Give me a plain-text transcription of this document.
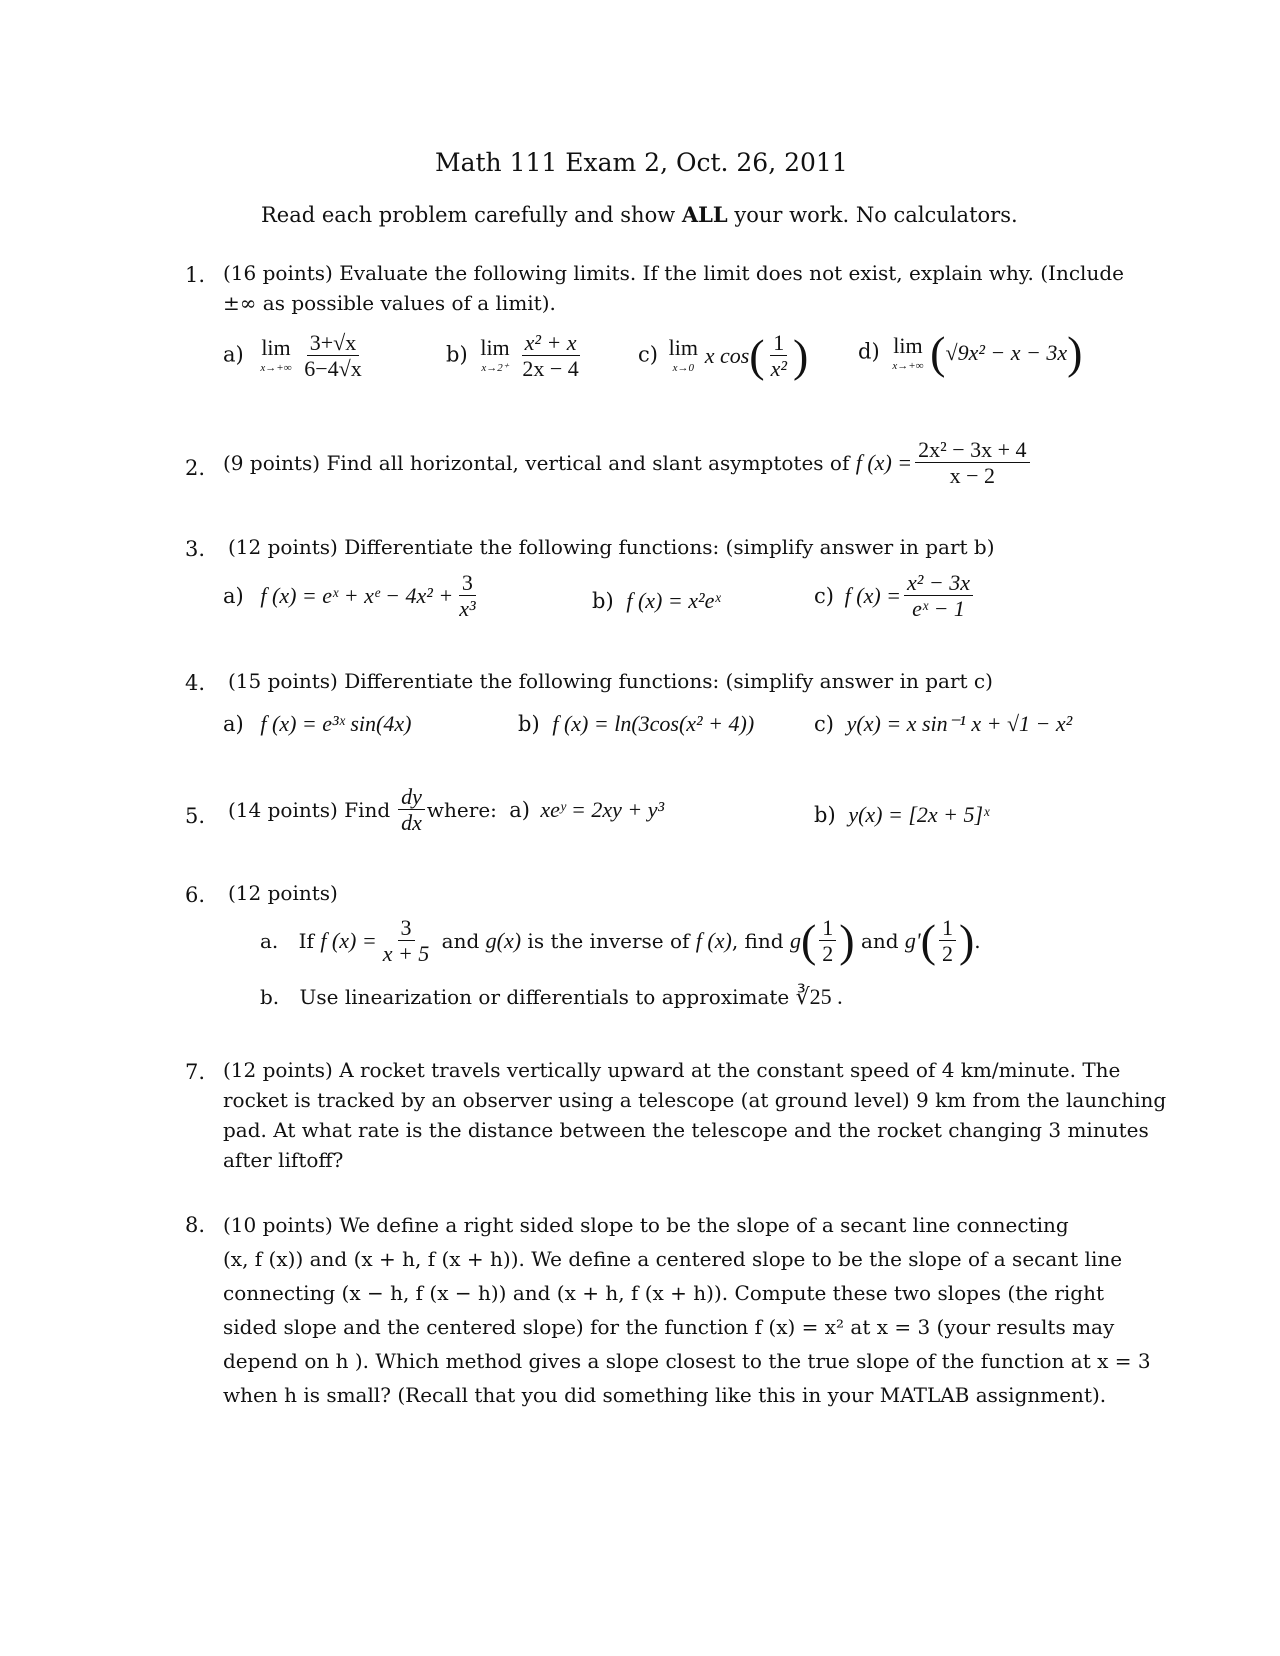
Math 111 Exam 2, Oct. 26, 2011
Read each problem carefully and show ALL your work. No calculators.
1. (16 points) Evaluate the following limits. If the limit does not exist, explain why. (Include
±∞ as possible values of a limit).
a) lim
x→+∞
$\frac{3+√x}{6-4√x}$	b) lim
x→2⁺
$\frac{\text{x² + x}}{2x - 4}$	c) lim
x→0
x $\cos( \frac{1}{\text{x²}}$ ) d) lim
x→+∞ (√9x² − x − 3x)
2. (9 points) Find all horizontal, vertical and slant asymptotes of f $(x) = \frac{\text{2x² − 3x + 4}}{x - 2}$
3. (12 points) Differentiate the following functions: (simplify answer in part b)
a) f (x) = eˣ + xᵉ − $4x^2 + \frac{3}{\text{x³}}$	b) f (x) = x²eˣ	c) f $(x) = \frac{\text{x² − 3x}}{\text{eˣ − 1}}$
4. (15 points) Differentiate the following functions: (simplify answer in part c)
a) f (x) = e³ˣ sin(4x)	b) f (x) = ln(3cos(x² + 4))	c) y(x) = x sin⁻¹ x + √1 − x²
5. (14 points) Find $\frac{dy}{dx}$ where: a) xeʸ = 2xy + y³	b) y(x) = [2x + 5]ˣ
6. (12 points)
a. If f $(x) = \frac{3}{x + 5}$ and g(x) is the inverse of f (x), find $g( \frac{1}{2}$ ) and $g'( \frac{1}{2}$ ).
b. Use linearization or differentials to approximate ∛25 .
7. (12 points) A rocket travels vertically upward at the constant speed of 4 km/minute. The
rocket is tracked by an observer using a telescope (at ground level) 9 km from the launching
pad. At what rate is the distance between the telescope and the rocket changing 3 minutes
after liftoff?
8. (10 points) We define a right sided slope to be the slope of a secant line connecting
(x, f (x)) and (x + h, f (x + h)). We define a centered slope to be the slope of a secant line
connecting (x − h, f (x − h)) and (x + h, f (x + h)). Compute these two slopes (the right
sided slope and the centered slope) for the function f (x) = x² at x = 3 (your results may
depend on h ). Which method gives a slope closest to the true slope of the function at x = 3
when h is small? (Recall that you did something like this in your MATLAB assignment).
